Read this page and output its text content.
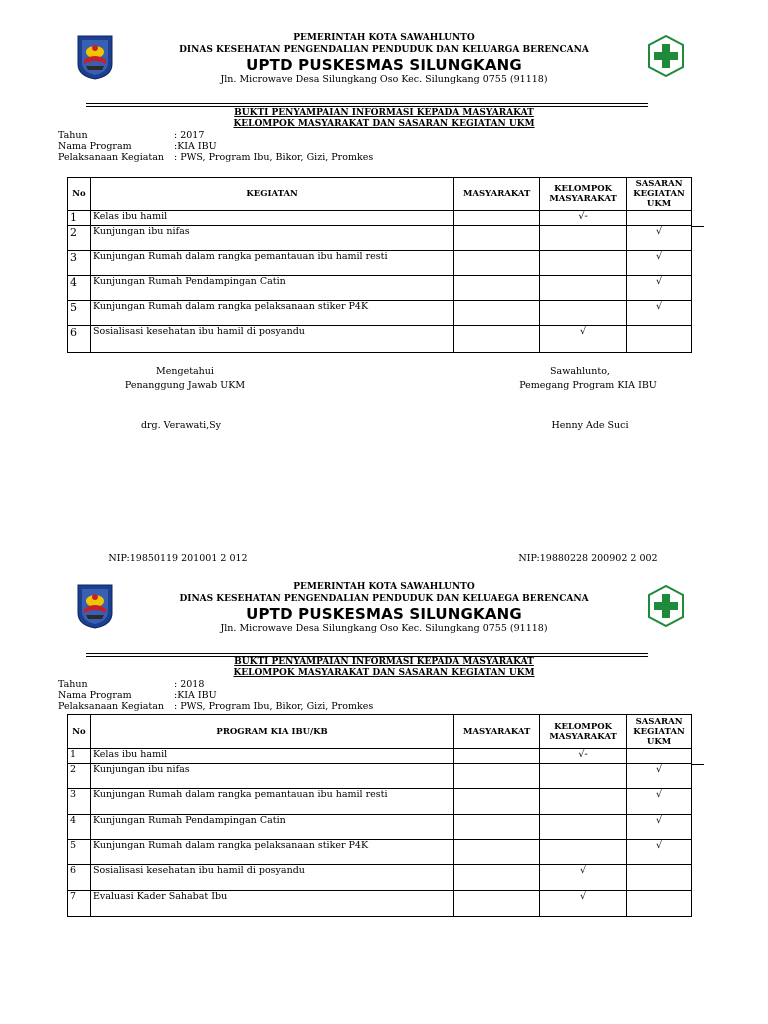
PEMERINTAH KOTA SAWAHLUNTO
DINAS KESEHATAN PENGENDALIAN PENDUDUK DAN KELUARGA BERENCANA
UPTD PUSKESMAS SILUNGKANG
Jln. Microwave Desa Silungkang Oso Kec. Silungkang 0755 (91118)
BUKTI PENYAMPAIAN INFORMASI KEPADA MASYARAKAT
KELOMPOK MASYARAKAT DAN SASARAN KEGIATAN UKM
Tahun	: 2017
Nama Program	:KIA IBU
Pelaksanaan Kegiatan : PWS, Program Ibu, Bikor, Gizi, Promkes
No	KEGIATAN	MASYARAKAT	KELOMPOK MASYARAKAT	SASARAN KEGIATAN UKM
1	Kelas ibu hamil		√-	
2	Kunjungan ibu nifas			√
3	Kunjungan Rumah dalam rangka pemantauan ibu hamil resti			√
4	Kunjungan Rumah Pendampingan Catin			√
5	Kunjungan Rumah dalam rangka pelaksanaan stiker P4K			√
6	Sosialisasi kesehatan ibu hamil di posyandu		√	
Mengetahui
Penanggung Jawab UKM
drg. Verawati,Sy
NIP:19850119 201001 2 012
Sawahlunto,
Pemegang Program KIA IBU
Henny Ade Suci
NIP:19880228 200902 2 002
PEMERINTAH KOTA SAWAHLUNTO
DINAS KESEHATAN PENGENDALIAN PENDUDUK DAN KELUAEGA BERENCANA
UPTD PUSKESMAS SILUNGKANG
Jln. Microwave Desa Silungkang Oso Kec. Silungkang 0755 (91118)
BUKTI PENYAMPAIAN INFORMASI KEPADA MASYARAKAT
KELOMPOK MASYARAKAT DAN SASARAN KEGIATAN UKM
Tahun	: 2018
Nama Program	:KIA IBU
Pelaksanaan Kegiatan : PWS, Program Ibu, Bikor, Gizi, Promkes
No	PROGRAM KIA IBU/KB	MASYARAKAT	KELOMPOK MASYARAKAT	SASARAN KEGIATAN UKM
1	Kelas ibu hamil		√-	
2	Kunjungan ibu nifas			√
3	Kunjungan Rumah dalam rangka pemantauan ibu hamil resti			√
4	Kunjungan Rumah Pendampingan Catin			√
5	Kunjungan Rumah dalam rangka pelaksanaan stiker P4K			√
6	Sosialisasi kesehatan ibu hamil di posyandu		√	
7	Evaluasi Kader Sahabat Ibu		√	
